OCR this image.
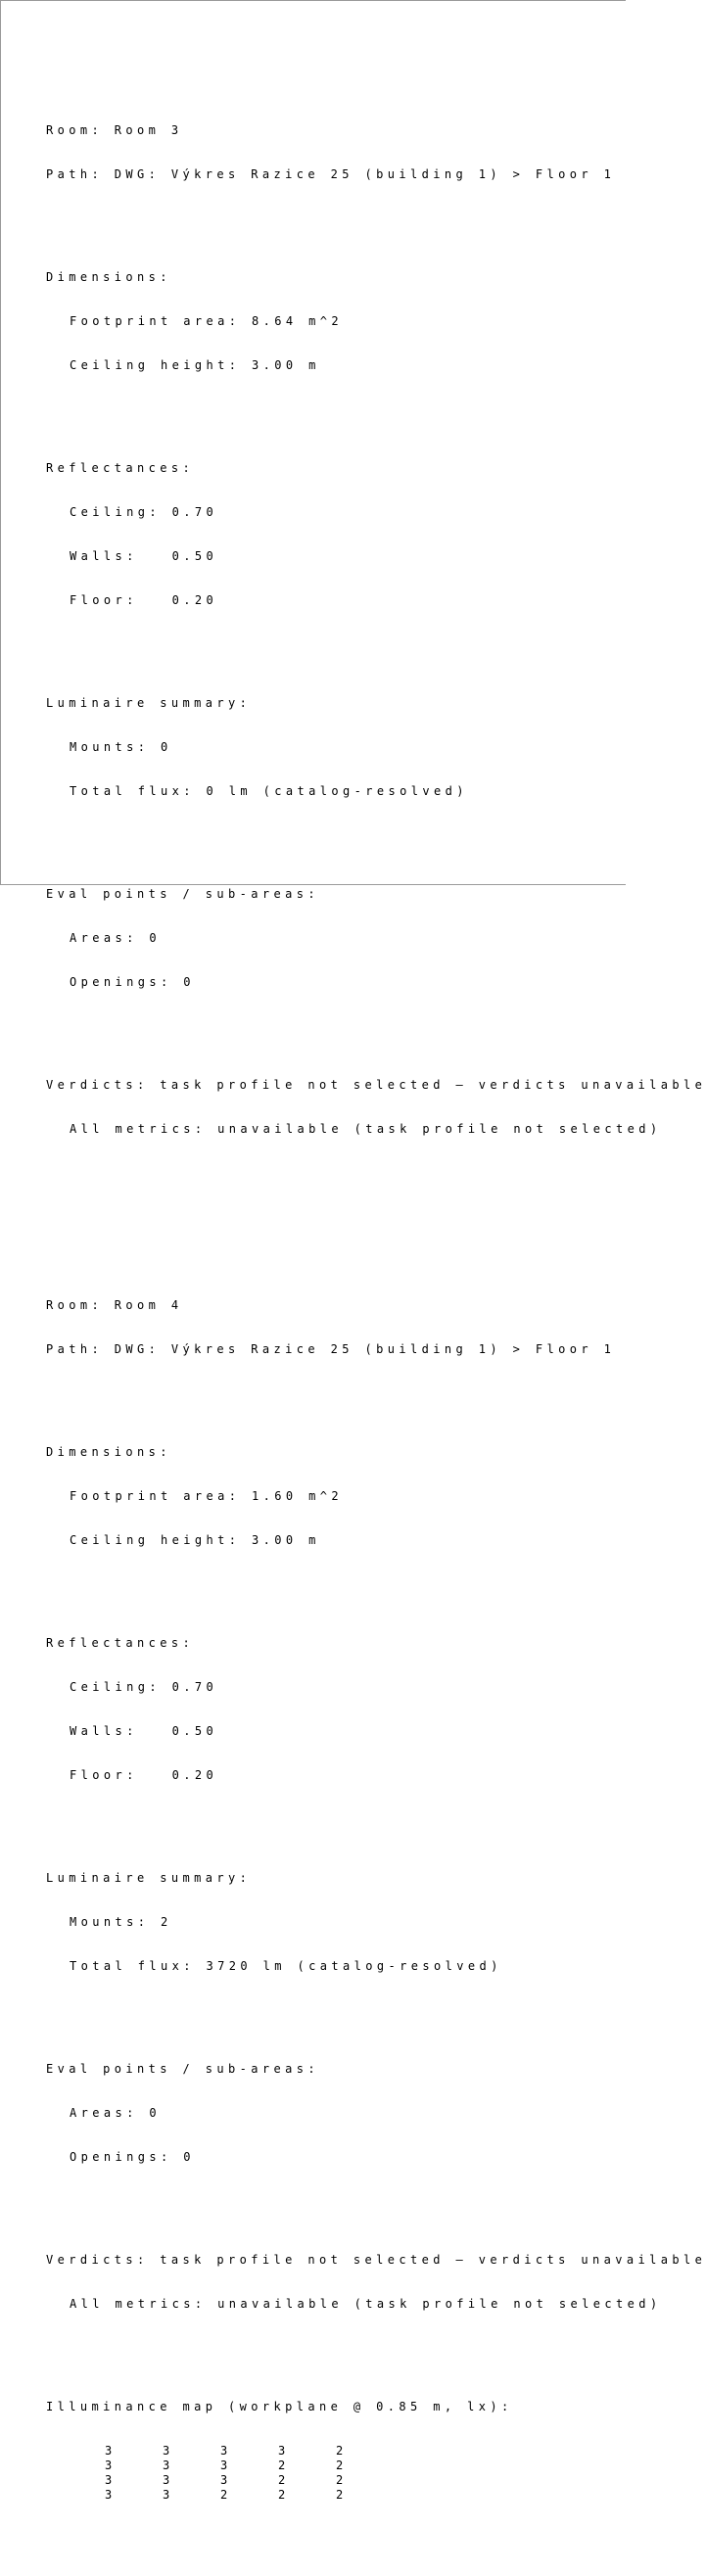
Room: Room 3

Path: DWG: Výkres Razice 25 (building 1) > Floor 1

Dimensions:

Footprint area: 8.64 m^2

Ceiling height: 3.00 m

Reflectances:

Ceiling: 0.70

Walls:   0.50

Floor:   0.20

Luminaire summary:

Mounts: 0

Total flux: 0 lm (catalog-resolved)

Eval points / sub-areas:

Areas: 0

Openings: 0

Verdicts: task profile not selected — verdicts unavailable

All metrics: unavailable (task profile not selected)

Room: Room 4

Path: DWG: Výkres Razice 25 (building 1) > Floor 1

Dimensions:

Footprint area: 1.60 m^2

Ceiling height: 3.00 m

Reflectances:

Ceiling: 0.70

Walls:   0.50

Floor:   0.20

Luminaire summary:

Mounts: 2

Total flux: 3720 lm (catalog-resolved)

Eval points / sub-areas:

Areas: 0

Openings: 0

Verdicts: task profile not selected — verdicts unavailable

All metrics: unavailable (task profile not selected)

Illuminance map (workplane @ 0.85 m, lx):

3	3	3	3	2
3	3	3	2	2
3	3	3	2	2
3	3	2	2	2
